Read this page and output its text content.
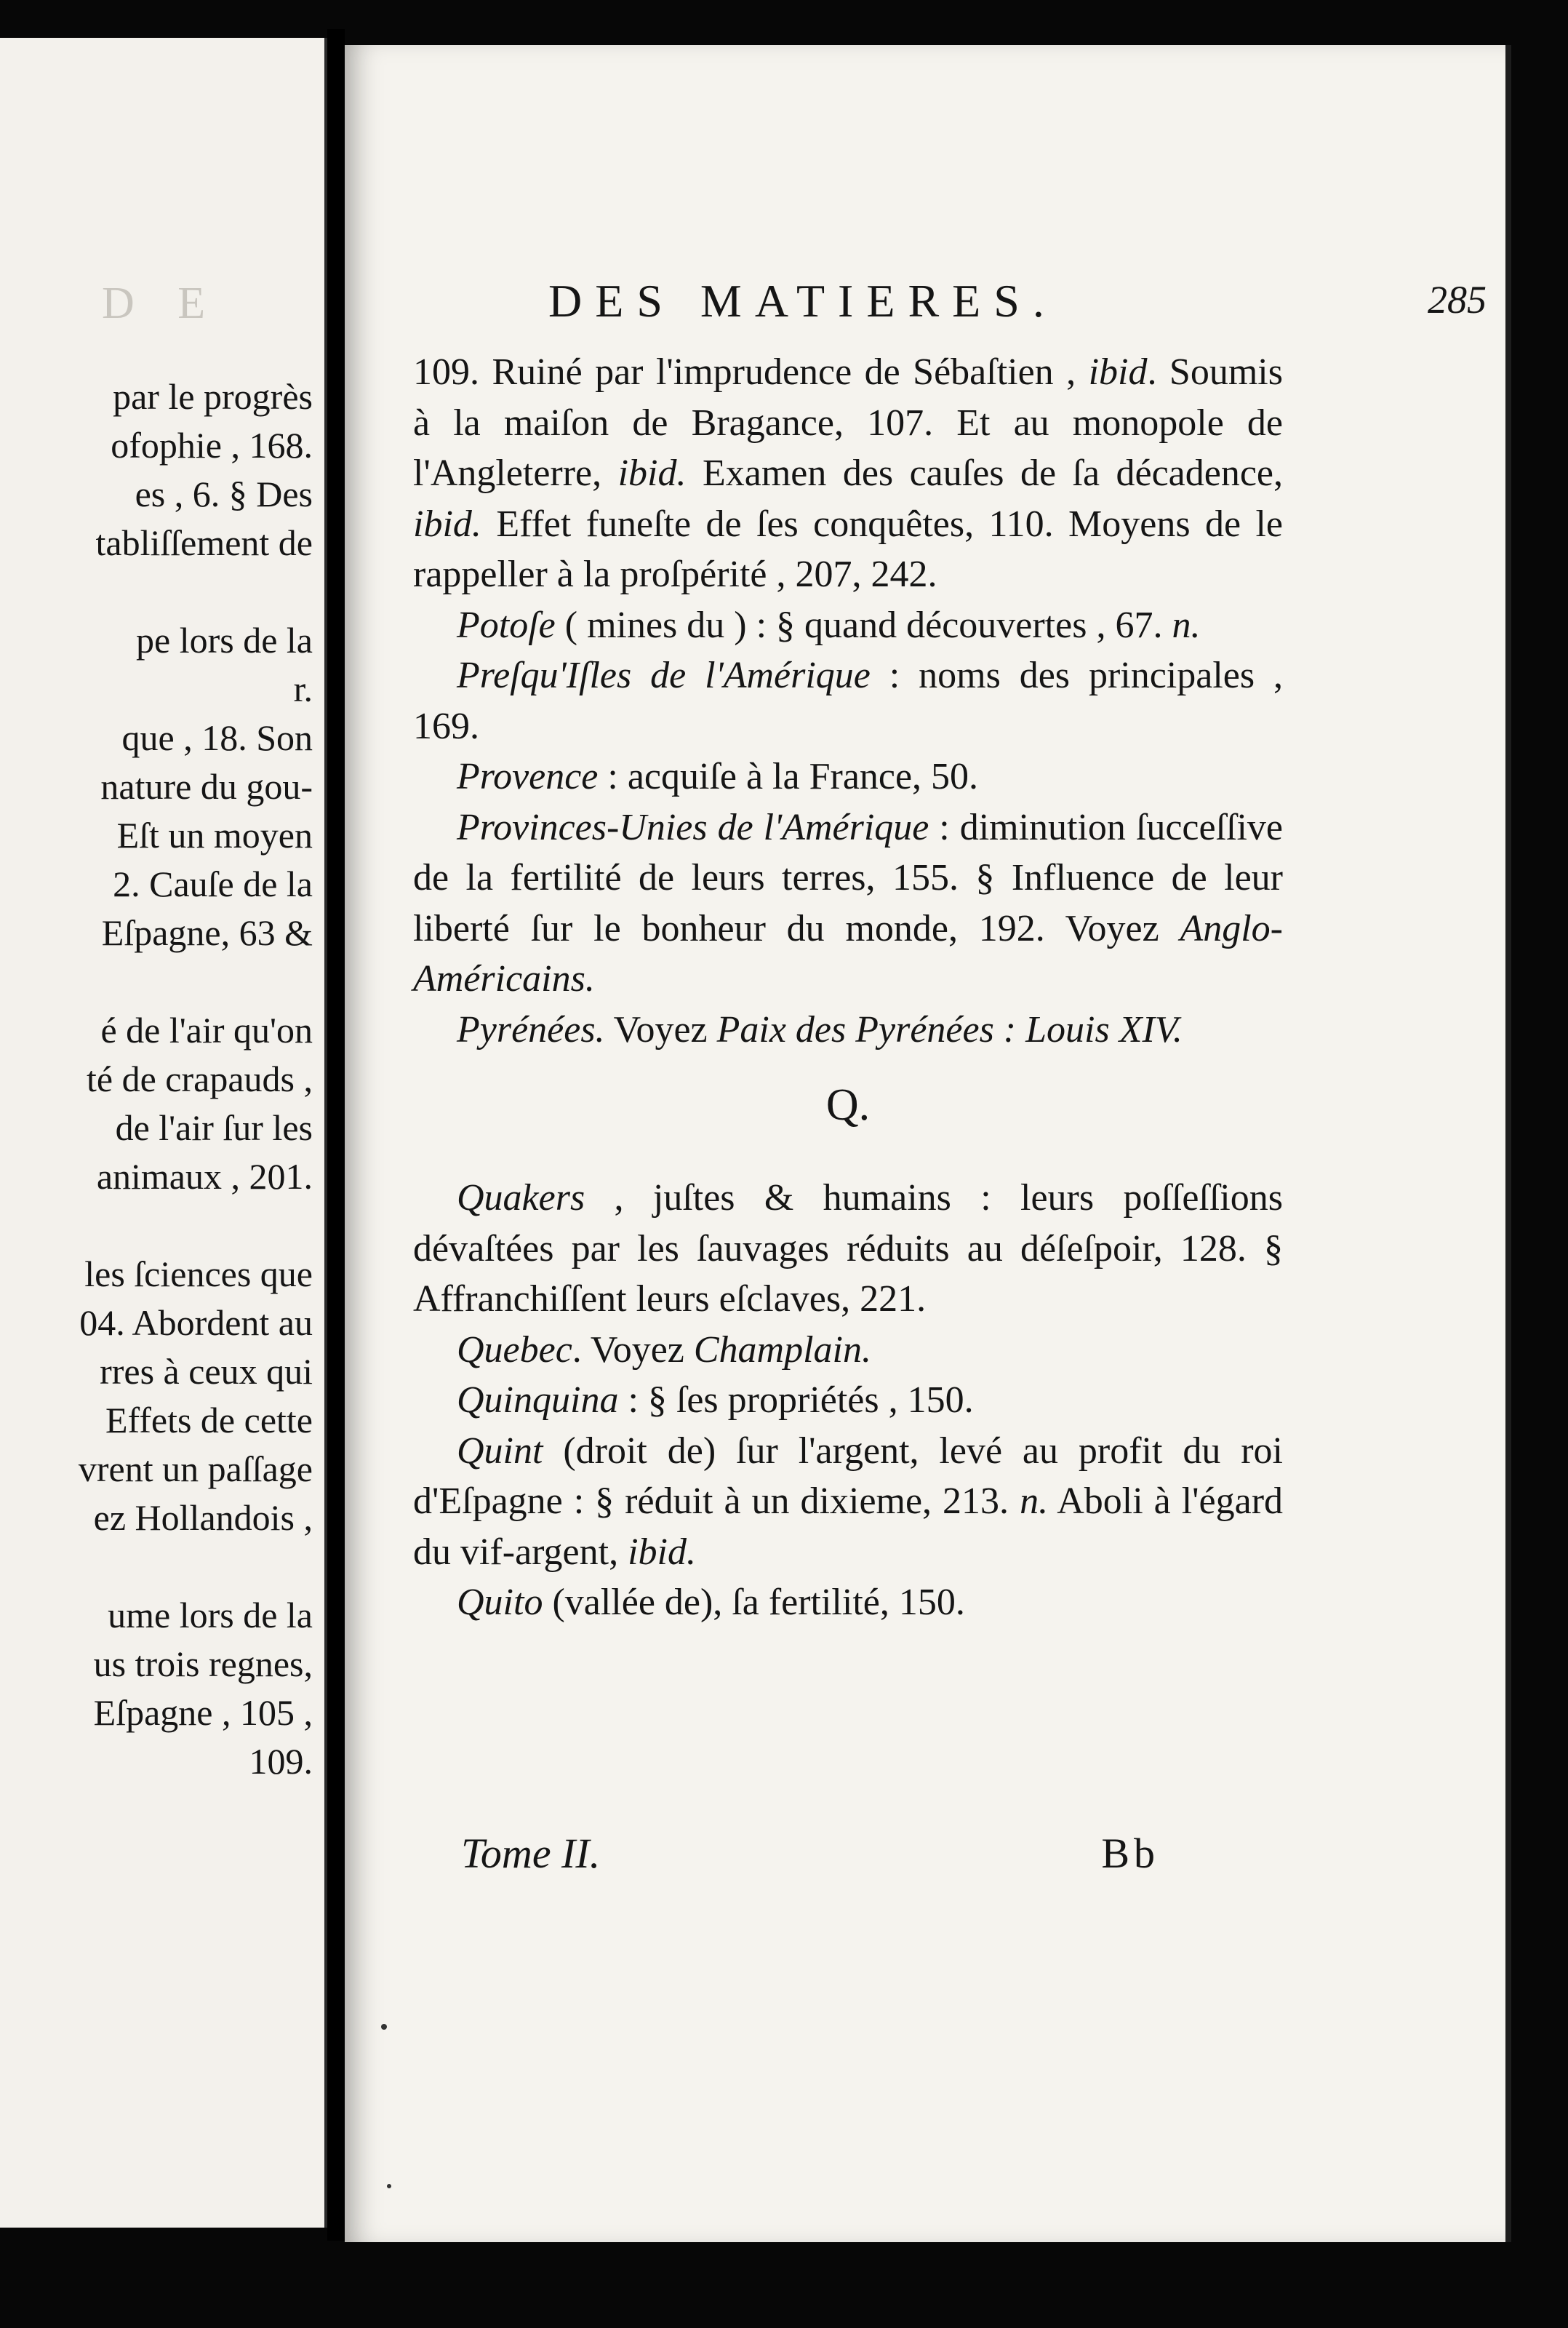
D E
par le progrès
ofophie , 168.
es , 6. § Des
tabliſſement de
pe lors de la
r.
que , 18. Son
nature du gou-
Eſt un moyen
2. Cauſe de la
Eſpagne, 63 &
é de l'air qu'on
té de crapauds ,
de l'air ſur les
animaux , 201.
les ſciences que
04. Abordent au
rres à ceux qui
Effets de cette
vrent un paſſage
ez Hollandois ,
ume lors de la
us trois regnes,
Eſpagne , 105 ,
109.
DES MATIERES.	285

109. Ruiné par l'imprudence de Sébaſtien , ibid. Soumis à la maiſon de Bragance, 107. Et au monopole de l'Angleterre, ibid. Examen des cauſes de ſa décadence, ibid. Effet funeſte de ſes conquêtes, 110. Moyens de le rappeller à la proſpérité , 207, 242.

Potoſe ( mines du ) : § quand découvertes , 67. n.

Preſqu'Iſles de l'Amérique : noms des principales , 169.

Provence : acquiſe à la France, 50.

Provinces-Unies de l'Amérique : diminution ſucceſſive de la fertilité de leurs terres, 155. § Influence de leur liberté ſur le bonheur du monde, 192. Voyez Anglo-Américains.

Pyrénées. Voyez Paix des Pyrénées : Louis XIV.

Q.

Quakers , juſtes & humains : leurs poſſeſſions dévaſtées par les ſauvages réduits au déſeſpoir, 128. § Affranchiſſent leurs eſclaves, 221.

Quebec. Voyez Champlain.

Quinquina : § ſes propriétés , 150.

Quint (droit de) ſur l'argent, levé au profit du roi d'Eſpagne : § réduit à un dixieme, 213. n. Aboli à l'égard du vif-argent, ibid.

Quito (vallée de), ſa fertilité, 150.

Tome II.	Bb
